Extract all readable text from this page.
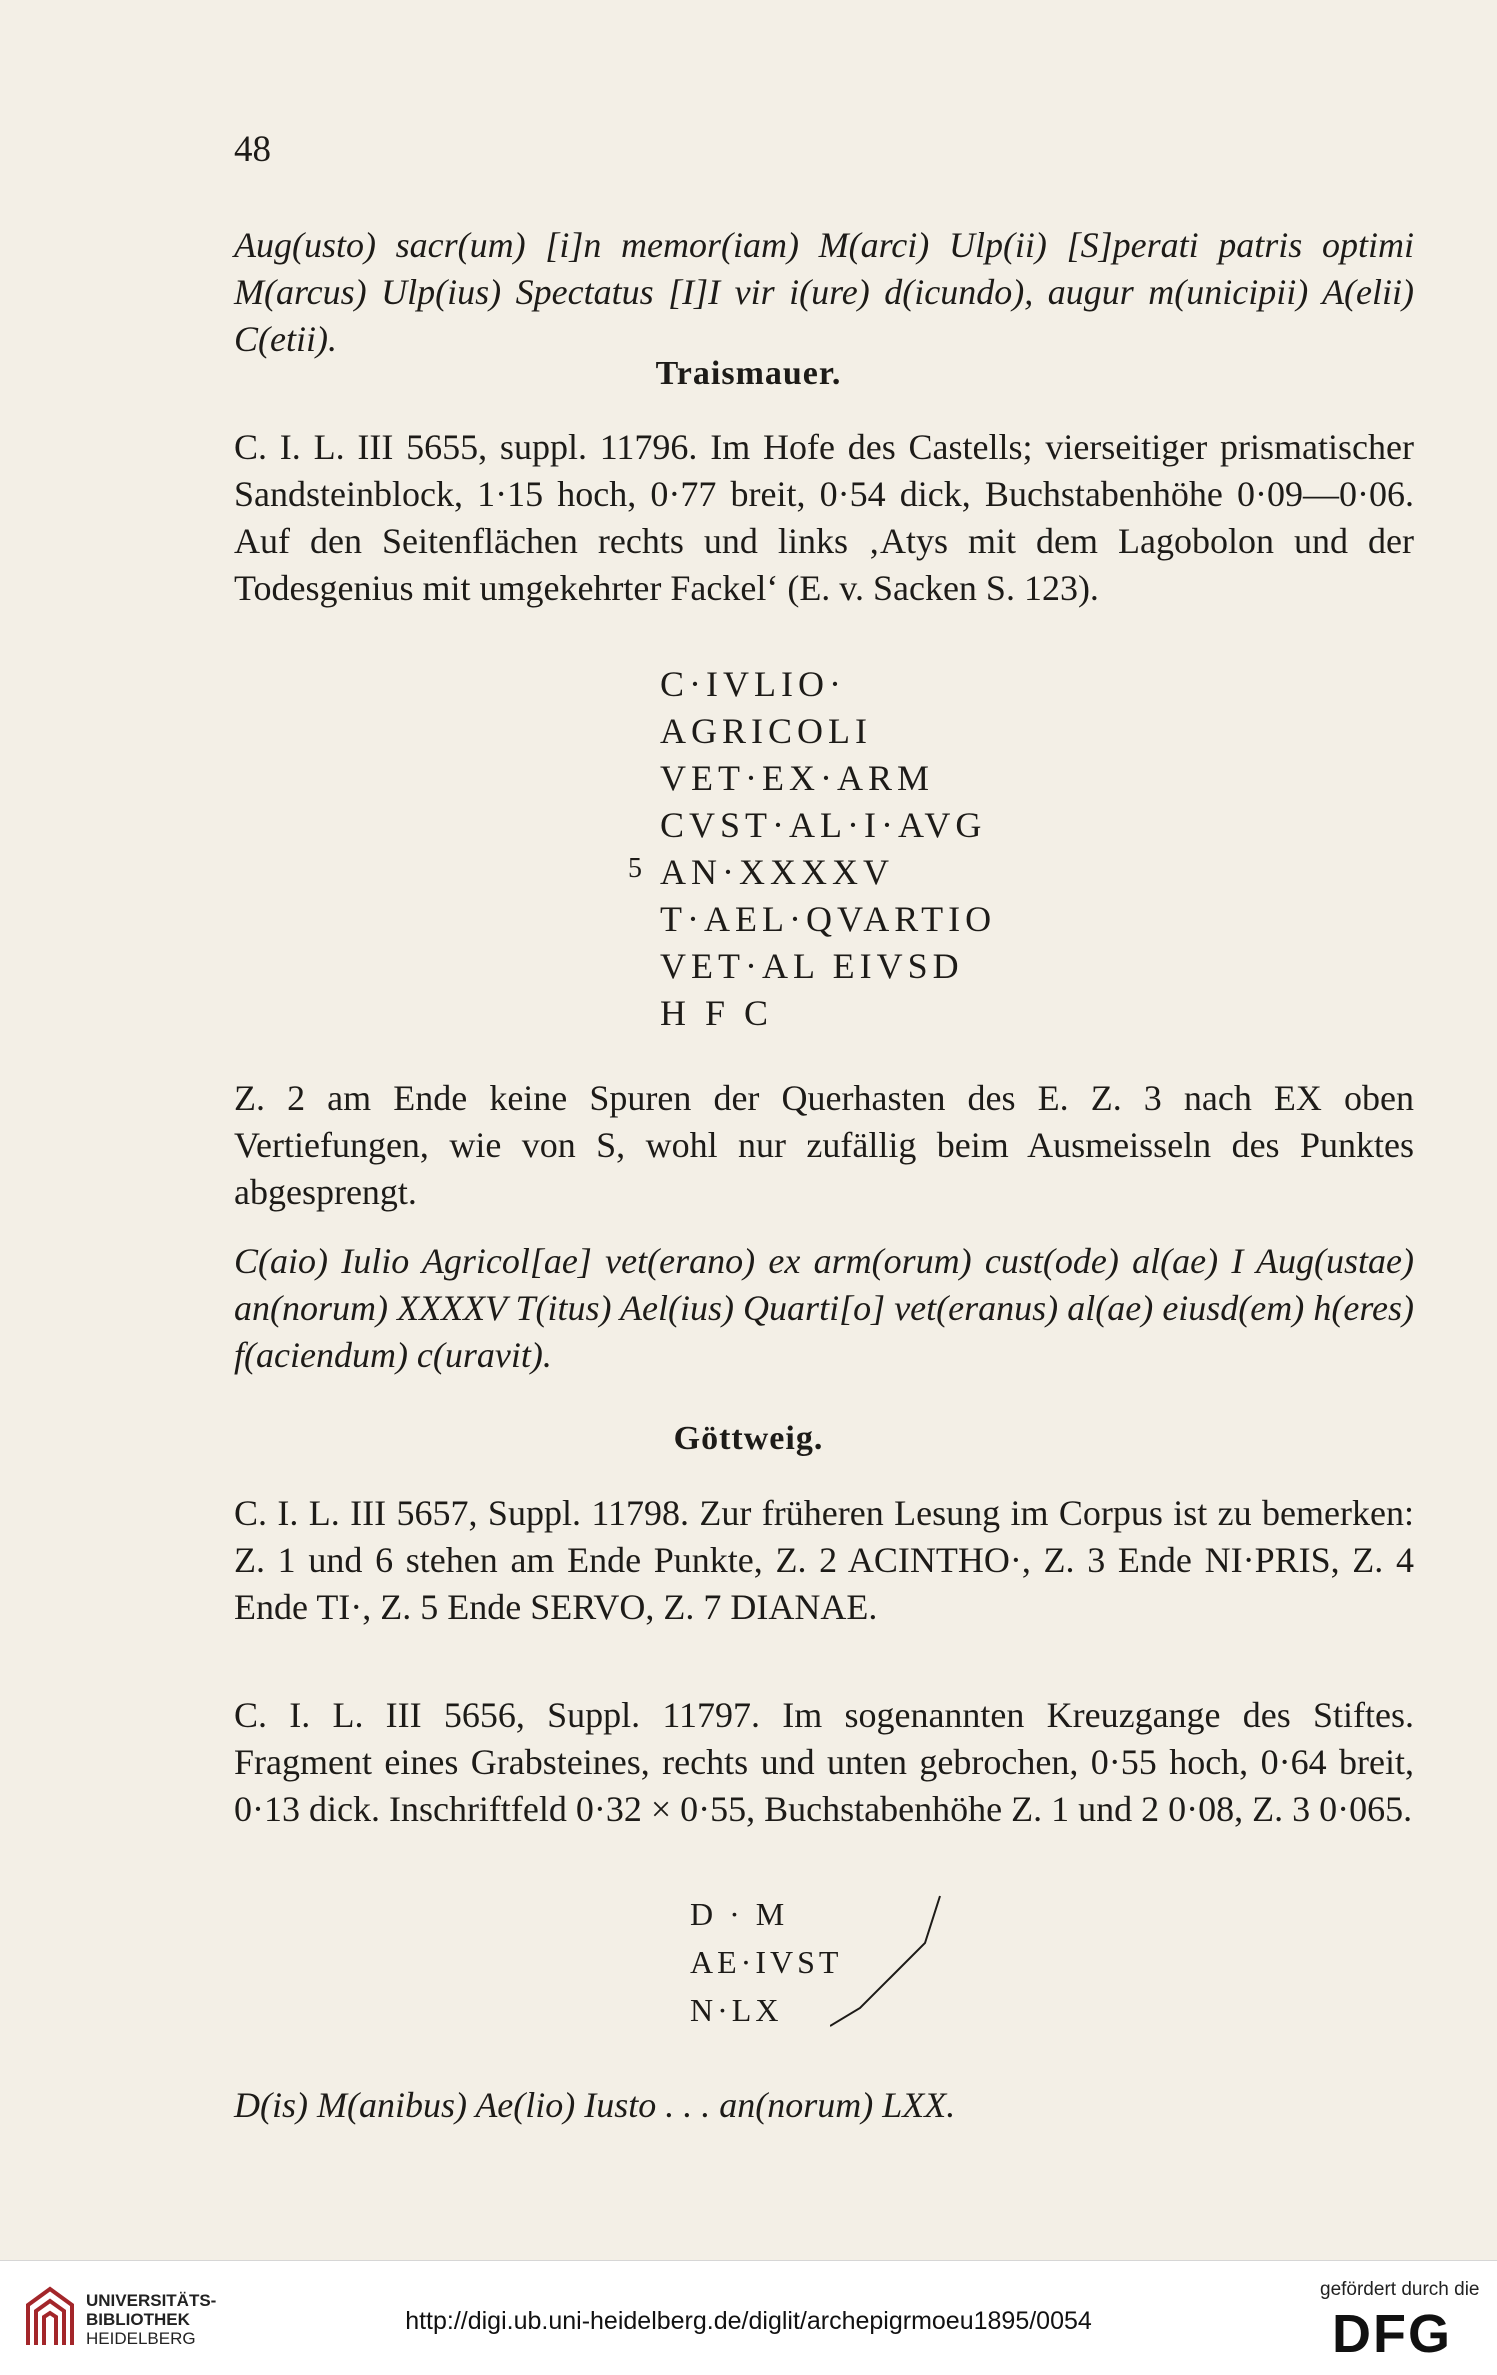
48

Aug(usto) sacr(um) [i]n memor(iam) M(arci) Ulp(ii) [S]perati patris optimi M(arcus) Ulp(ius) Spectatus [I]I vir i(ure) d(icundo), augur m(unicipii) A(elii) C(etii).

Traismauer.

C. I. L. III 5655, suppl. 11796. Im Hofe des Castells; vierseitiger prismatischer Sandsteinblock, 1·15 hoch, 0·77 breit, 0·54 dick, Buchstabenhöhe 0·09—0·06. Auf den Seitenflächen rechts und links ‚Atys mit dem Lagobolon und der Todesgenius mit umgekehrter Fackel‘ (E. v. Sacken S. 123).

C·IVLIO·
AGRICOLI
VET·EX·ARM
CVST·AL·I·AVG
AN·XXXXV
T·AEL·QVARTIO
VET·AL EIVSD
H F C
5

Z. 2 am Ende keine Spuren der Querhasten des E. Z. 3 nach EX oben Vertiefungen, wie von S, wohl nur zufällig beim Ausmeisseln des Punktes abgesprengt.

C(aio) Iulio Agricol[ae] vet(erano) ex arm(orum) cust(ode) al(ae) I Aug(ustae) an(norum) XXXXV T(itus) Ael(ius) Quarti[o] vet(eranus) al(ae) eiusd(em) h(eres) f(aciendum) c(uravit).

Göttweig.

C. I. L. III 5657, Suppl. 11798. Zur früheren Lesung im Corpus ist zu bemerken: Z. 1 und 6 stehen am Ende Punkte, Z. 2 ACINTHO·, Z. 3 Ende NI·PRIS, Z. 4 Ende TI·, Z. 5 Ende SERVO, Z. 7 DIANAE.

C. I. L. III 5656, Suppl. 11797. Im sogenannten Kreuzgange des Stiftes. Fragment eines Grabsteines, rechts und unten gebrochen, 0·55 hoch, 0·64 breit, 0·13 dick. Inschriftfeld 0·32 × 0·55, Buchstabenhöhe Z. 1 und 2 0·08, Z. 3 0·065.

D · M
AE·IVST
N·LX

D(is) M(anibus) Ae(lio) Iusto . . . an(norum) LXX.

UNIVERSITÄTS-
BIBLIOTHEK
HEIDELBERG
http://digi.ub.uni-heidelberg.de/diglit/archepigrmoeu1895/0054
gefördert durch die
DFG
